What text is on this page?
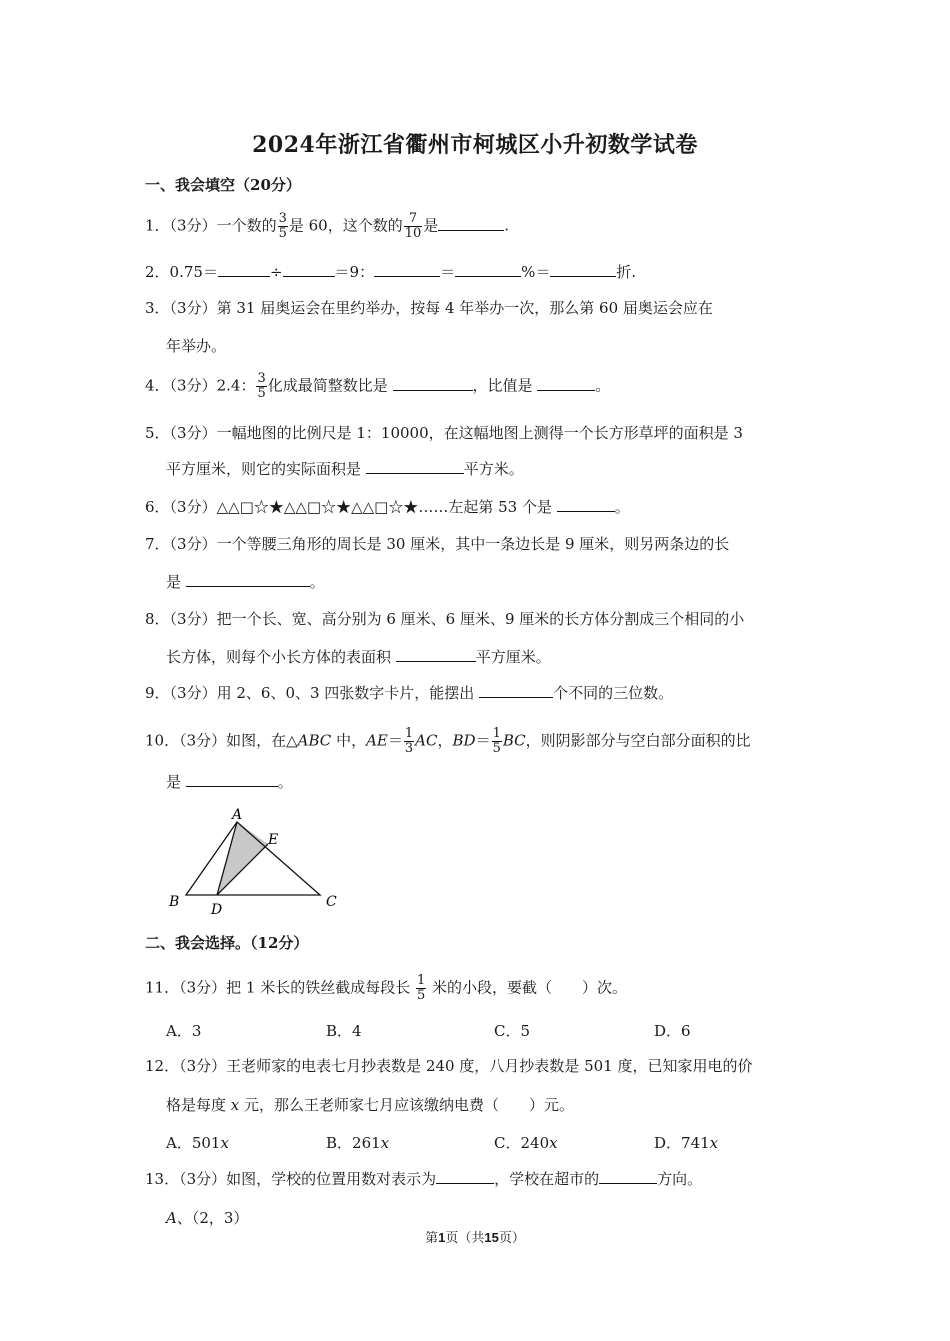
2024年浙江省衢州市柯城区小升初数学试卷
一、我会填空（20分）
1．（3分）一个数的 $\frac{3}{5}$ 是 60，这个数的 $\frac{7}{10}$ 是	.
2．0.75＝	÷	＝9：	＝	%＝	折.
3．（3分）第 31 届奥运会在里约举办，按每 4 年举办一次，那么第 60 届奥运会应在
年举办。
4．（3分）2.4： $\frac{3}{5}$ 化成最简整数比是	，比值是	。
5．（3分）一幅地图的比例尺是 1：10000，在这幅地图上测得一个长方形草坪的面积是 3
平方厘米，则它的实际面积是	平方米。
6．（3分）△△□☆★△△□☆★△△□☆★……左起第 53 个是	。
7．（3分）一个等腰三角形的周长是 30 厘米，其中一条边长是 9 厘米，则另两条边的长
是	。
8．（3分）把一个长、宽、高分别为 6 厘米、6 厘米、9 厘米的长方体分割成三个相同的小
长方体，则每个小长方体的表面积	平方厘米。
9．（3分）用 2、6、0、3 四张数字卡片，能摆出	个不同的三位数。
10．（3分）如图，在△ABC 中，$AE= \frac{1}{3}$ AC，$BD= \frac{1}{5}$ BC，则阴影部分与空白部分面积的比
是	。
A
B	C
D
E
二、我会选择。（12分）
11．（3分）把 1 米长的铁丝截成每段长 $\frac{1}{5}$ 米的小段，要截（　　）次。
A．3	B．4	C．5	D．6
12．（3分）王老师家的电表七月抄表数是 240 度，八月抄表数是 501 度，已知家用电的价
格是每度 x 元，那么王老师家七月应该缴纳电费（　　）元。
A．501x	B．261x	C．240x	D．741x
13．（3分）如图，学校的位置用数对表示为	，学校在超市的	方向。
A、（2，3）
第1页（共15页）
